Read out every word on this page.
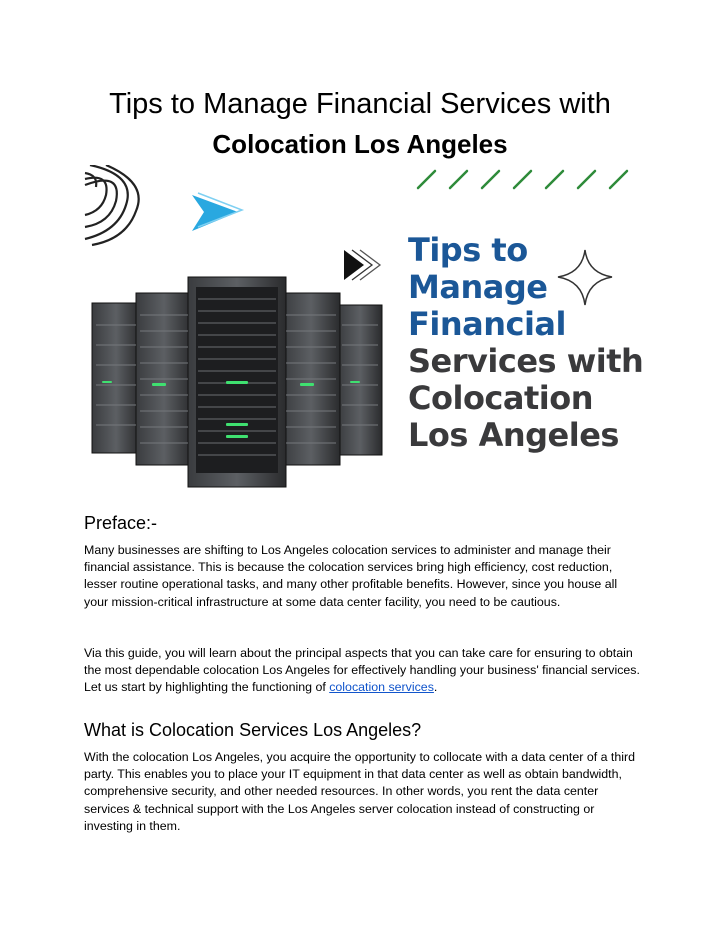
Tips to Manage Financial Services with
Colocation Los Angeles
Tips to
Manage
Financial
Services with
Colocation
Los Angeles
Preface:-

Many businesses are shifting to Los Angeles colocation services to administer and manage their financial assistance. This is because the colocation services bring high efficiency, cost reduction, lesser routine operational tasks, and many other profitable benefits. However, since you house all your mission-critical infrastructure at some data center facility, you need to be cautious.

Via this guide, you will learn about the principal aspects that you can take care for ensuring to obtain the most dependable colocation Los Angeles for effectively handling your business' financial services. Let us start by highlighting the functioning of colocation services.

What is Colocation Services Los Angeles?

With the colocation Los Angeles, you acquire the opportunity to collocate with a data center of a third party. This enables you to place your IT equipment in that data center as well as obtain bandwidth, comprehensive security, and other needed resources. In other words, you rent the data center services & technical support with the Los Angeles server colocation instead of constructing or investing in them.
